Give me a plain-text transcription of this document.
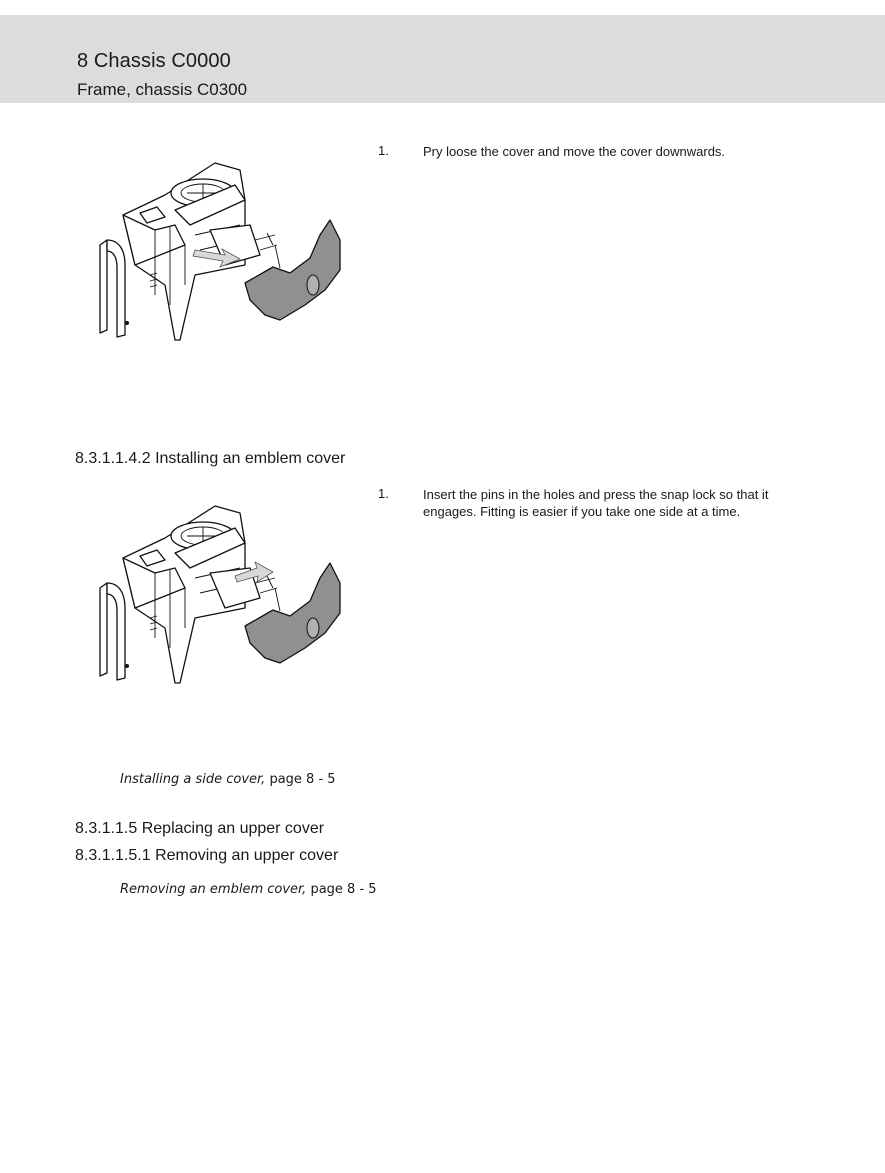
8 Chassis C0000
Frame, chassis C0300
1.	Pry loose the cover and move the cover downwards.
8.3.1.1.4.2 Installing an emblem cover
1.	Insert the pins in the holes and press the snap lock so that it engages. Fitting is easier if you take one side at a time.
Installing a side cover, page 8 - 5
8.3.1.1.5 Replacing an upper cover
8.3.1.1.5.1 Removing an upper cover
Removing an emblem cover, page 8 - 5
